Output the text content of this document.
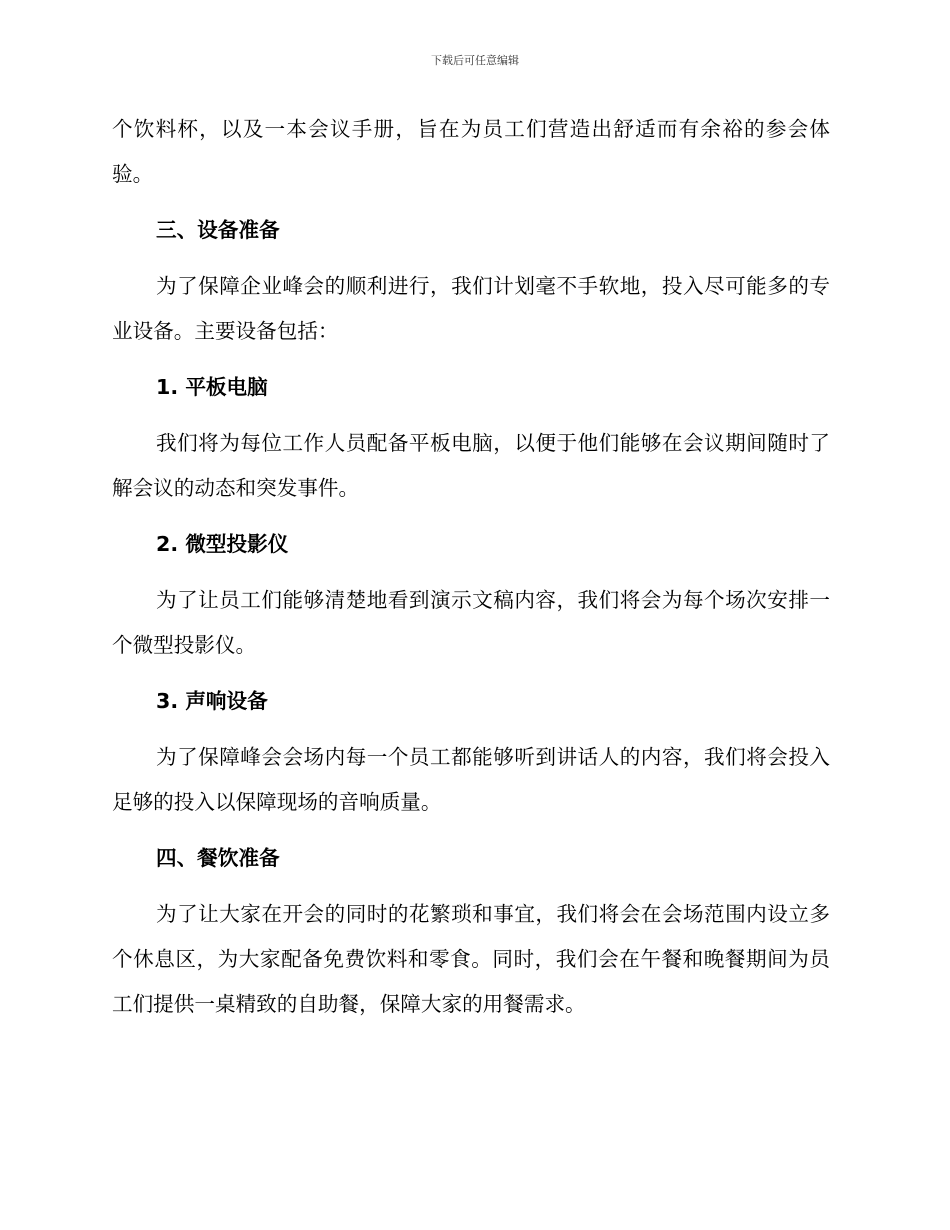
下载后可任意编辑

个饮料杯，以及一本会议手册，旨在为员工们营造出舒适而有余裕的参会体验。

三、设备准备

为了保障企业峰会的顺利进行，我们计划毫不手软地，投入尽可能多的专业设备。主要设备包括：

1. 平板电脑

我们将为每位工作人员配备平板电脑，以便于他们能够在会议期间随时了解会议的动态和突发事件。

2. 微型投影仪

为了让员工们能够清楚地看到演示文稿内容，我们将会为每个场次安排一个微型投影仪。

3. 声响设备

为了保障峰会会场内每一个员工都能够听到讲话人的内容，我们将会投入足够的投入以保障现场的音响质量。

四、餐饮准备

为了让大家在开会的同时的花繁琐和事宜，我们将会在会场范围内设立多个休息区，为大家配备免费饮料和零食。同时，我们会在午餐和晚餐期间为员工们提供一桌精致的自助餐，保障大家的用餐需求。
